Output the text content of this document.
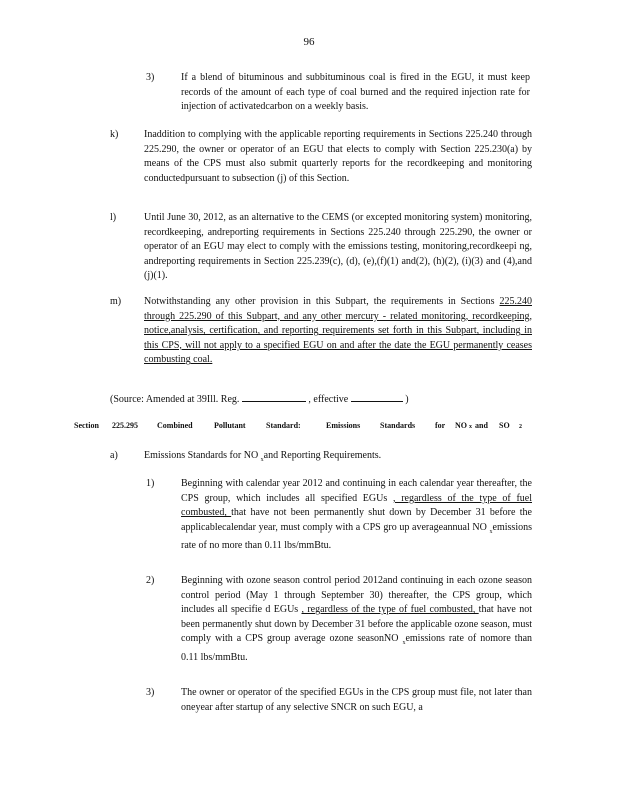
96
3)	If a blend of bituminous and subbituminous coal is fired in the EGU, it must keep records of the amount of each type of coal burned and the required injection rate for injection of activatedcarbon on a weekly basis.
k)	Inaddition to complying with the applicable reporting requirements in Sections 225.240 through 225.290, the owner or operator of an EGU that elects to comply with Section 225.230(a) by means of the CPS must also submit quarterly reports for the recordkeeping and monitoring conductedpursuant to subsection (j) of this Section.
l)	Until June 30, 2012, as an alternative to the CEMS (or excepted monitoring system) monitoring, recordkeeping, andreporting requirements in Sections 225.240 through 225.290, the owner or operator of an EGU may elect to comply with the emissions testing, monitoring,recordkeepi ng, andreporting requirements in Section 225.239(c), (d), (e),(f)(1) and(2), (h)(2), (i)(3) and (4),and (j)(1).
m) Notwithstanding any other provision in this Subpart, the requirements in Sections 225.240 through 225.290 of this Subpart, and any other mercury - related monitoring, recordkeeping, notice,analysis, certification, and reporting requirements set forth in this Subpart, including in this CPS, will not apply to a specified EGU on and after the date the EGU permanently ceases combusting coal.
(Source: Amended at 39Ill. Reg.	, effective	)
Section 225.295 Combined	Pollutant	Standard:	Emissions Standards for NO x and SO 2
a)	Emissions Standards for NO $_x$and Reporting Requirements.
1)	Beginning with calendar year 2012 and continuing in each calendar year thereafter, the CPS group, which includes all specified EGUs , regardless of the type of fuel combusted, that have not been permanently shut down by December 31 before the applicablecalendar year, must comply with a CPS gro up averageannual NO $_x$emissions rate of no more than 0.11 lbs/mmBtu.
2)	Beginning with ozone season control period 2012and continuing in each ozone season control period (May 1 through September 30) thereafter, the CPS group, which includes all specifie d EGUs , regardless of the type of fuel combusted, that have not been permanently shut down by December 31 before the applicable ozone season, must comply with a CPS group average ozone seasonNO $_x$emissions rate of nomore than 0.11 lbs/mmBtu.
3)	The owner or operator of the specified EGUs in the CPS group must file, not later than oneyear after startup of any selective SNCR on such EGU, a
